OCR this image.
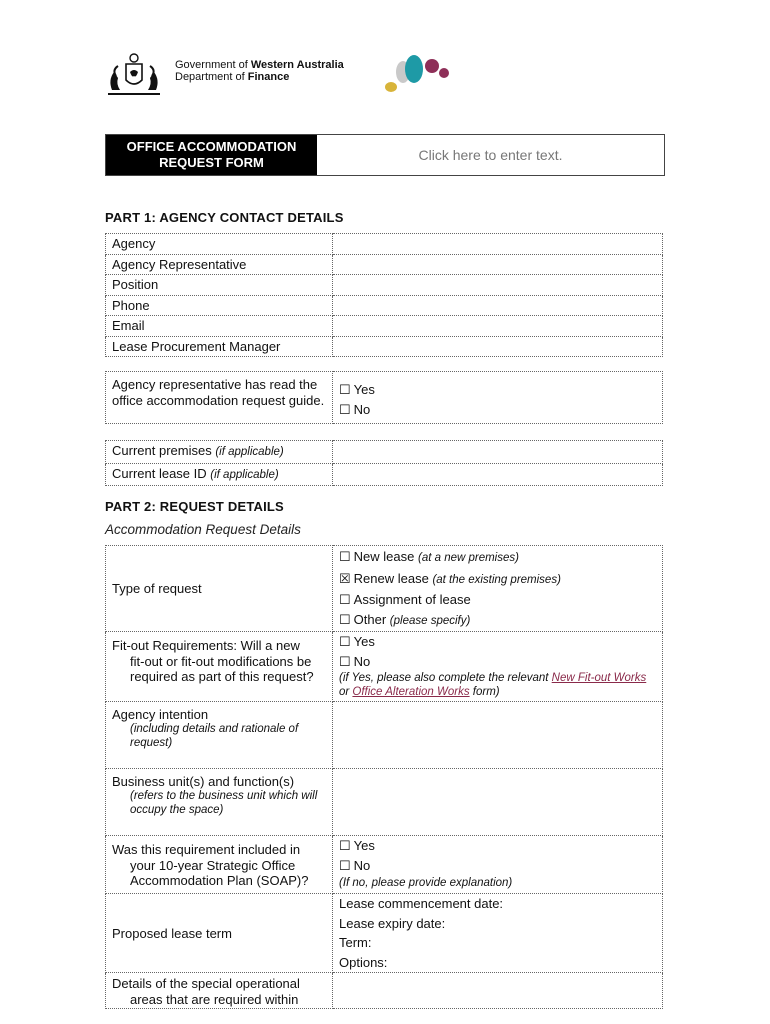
Government of Western Australia
Department of Finance
OFFICE ACCOMMODATION
REQUEST FORM	Click here to enter text.
PART 1: AGENCY CONTACT DETAILS
Agency	
Agency Representative	
Position	
Phone	
Email	
Lease Procurement Manager	
Agency representative has read the office accommodation request guide.	
☐ Yes
☐ No
Current premises (if applicable)	
Current lease ID (if applicable)	
PART 2: REQUEST DETAILS
Accommodation Request Details
Type of request	☐ New lease (at a new premises)
☒ Renew lease (at the existing premises)
☐ Assignment of lease
☐ Other (please specify)

Fit-out Requirements: Will a new
fit-out or fit-out modifications be required as part of this request?	☐ Yes
☐ No
(if Yes, please also complete the relevant New Fit-out Works or Office Alteration Works form)

Agency intention
(including details and rationale of request)	

Business unit(s) and function(s)
(refers to the business unit which will occupy the space)	

Was this requirement included in
your 10-year Strategic Office Accommodation Plan (SOAP)?	☐ Yes
☐ No
(If no, please provide explanation)

Proposed lease term	Lease commencement date:
Lease expiry date:
Term:
Options:

Details of the special operational
areas that are required within	
